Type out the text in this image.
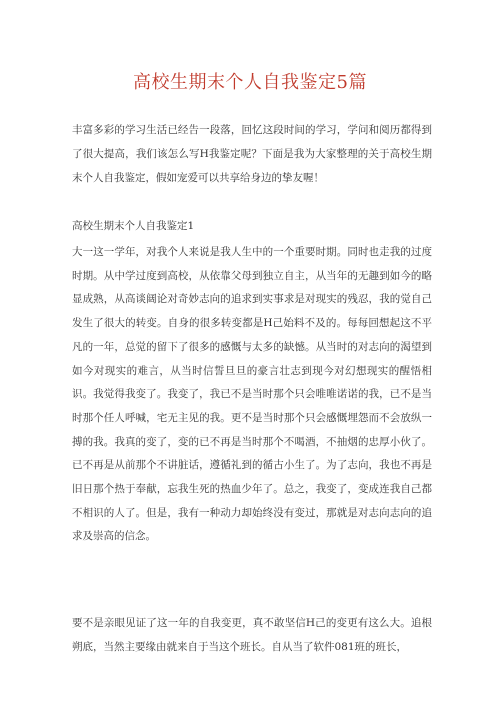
高校生期末个人自我鉴定5篇

丰富多彩的学习生活已经告一段落，回忆这段时间的学习，学问和阅历都得到了很大提高，我们该怎么写H我鉴定呢？下面是我为大家整理的关于高校生期末个人自我鉴定，假如宠爱可以共享给身边的挚友喔！

高校生期末个人自我鉴定1

大一这一学年，对我个人来说是我人生中的一个重要时期。同时也走我的过度时期。从中学过度到高校，从依靠父母到独立自主，从当年的无趣到如今的略显成熟，从高谈阔论对奇妙志向的追求到实事求是对现实的残忍，我的觉自己发生了很大的转变。自身的很多转变都是H己始料不及的。每每回想起这不平凡的一年，总觉的留下了很多的感慨与太多的缺憾。从当时的对志向的渴望到如今对现实的难言，从当时信誓旦旦的豪言壮志到现今对幻想现实的醒悟相识。我觉得我变了。我变了，我已不是当时那个只会唯唯诺诺的我，已不是当时那个任人呼喊，宅无主见的我。更不是当时那个只会感慨埋怨而不会放纵一搏的我。我真的变了，变的已不再是当时那个不喝酒，不抽烟的忠厚小伙了。已不再是从前那个不讲脏话，遵循礼到的循古小生了。为了志向，我也不再是旧日那个热于奉献，忘我生死的热血少年了。总之，我变了，变成连我自己都不相识的人了。但是，我有一种动力却始终没有变过，那就是对志向志向的追求及崇高的信念。

要不是亲眼见证了这一年的自我变更，真不敢坚信H己的变更有这么大。追根朔底，当然主要缘由就来自于当这个班长。自从当了软件081班的班长，
